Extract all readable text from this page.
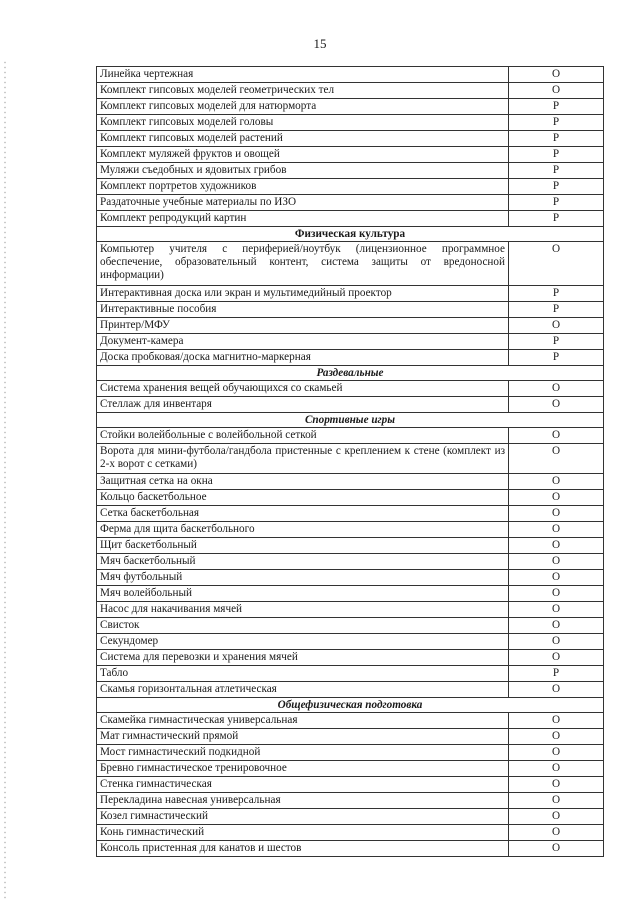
15
Линейка чертежная	О
Комплект гипсовых моделей геометрических тел	О
Комплект гипсовых моделей для натюрморта	Р
Комплект гипсовых моделей головы	Р
Комплект гипсовых моделей растений	Р
Комплект муляжей фруктов и овощей	Р
Муляжи съедобных и ядовитых грибов	Р
Комплект портретов художников	Р
Раздаточные учебные материалы по ИЗО	Р
Комплект репродукций картин	Р
Физическая культура	
Компьютер учителя с периферией/ноутбук (лицензионное программное обеспечение, образовательный контент, система защиты от вредоносной информации)	О
Интерактивная доска или экран и мультимедийный проектор	Р
Интерактивные пособия	Р
Принтер/МФУ	О
Документ-камера	Р
Доска пробковая/доска магнитно-маркерная	Р
Раздевальные	
Система хранения вещей обучающихся со скамьей	О
Стеллаж для инвентаря	О
Спортивные игры	
Стойки волейбольные с волейбольной сеткой	О
Ворота для мини-футбола/гандбола пристенные с креплением к стене (комплект из 2-х ворот с сетками)	О
Защитная сетка на окна	О
Кольцо баскетбольное	О
Сетка баскетбольная	О
Ферма для щита баскетбольного	О
Щит баскетбольный	О
Мяч баскетбольный	О
Мяч футбольный	О
Мяч волейбольный	О
Насос для накачивания мячей	О
Свисток	О
Секундомер	О
Система для перевозки и хранения мячей	О
Табло	Р
Скамья горизонтальная атлетическая	О
Общефизическая подготовка	
Скамейка гимнастическая универсальная	О
Мат гимнастический прямой	О
Мост гимнастический подкидной	О
Бревно гимнастическое тренировочное	О
Стенка гимнастическая	О
Перекладина навесная универсальная	О
Козел гимнастический	О
Конь гимнастический	О
Консоль пристенная для канатов и шестов	О
